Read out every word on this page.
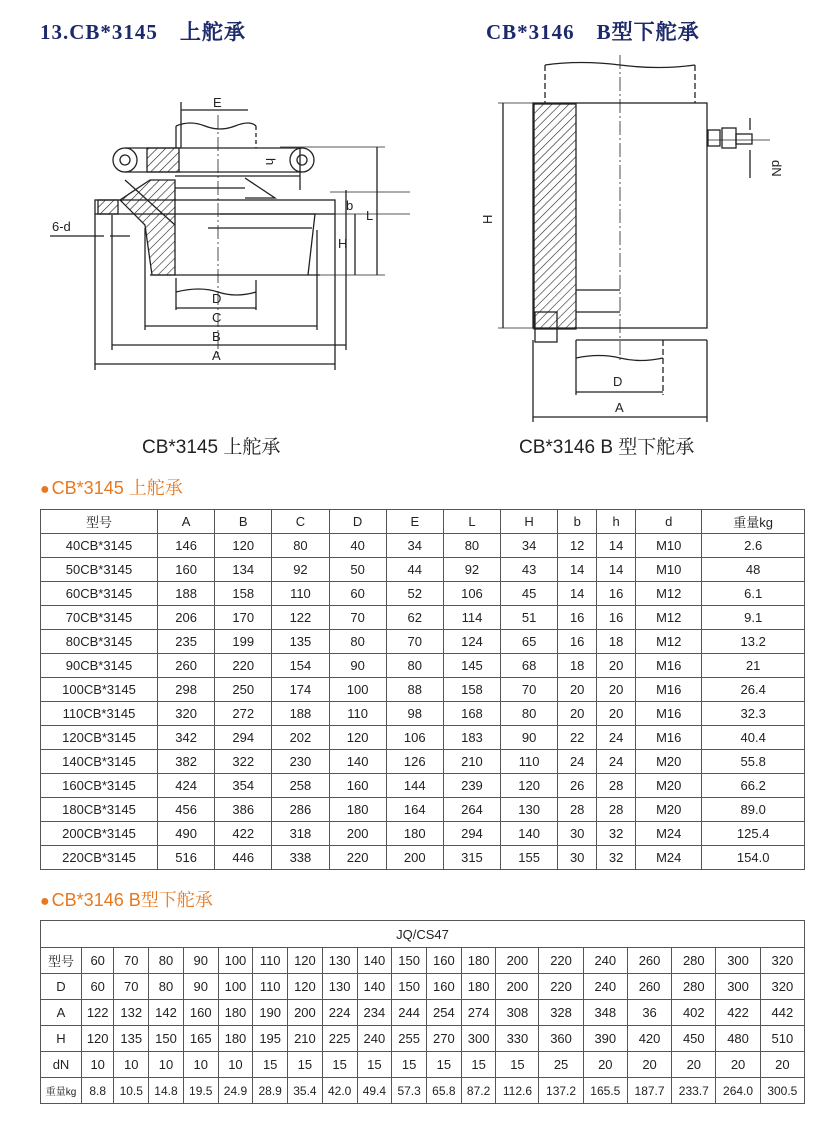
13.CB*3145　上舵承	CB*3146　B型下舵承
E
h
b
H
L
6-d
D
C
B
A
dN
H
D
A
CB*3145 上舵承	CB*3146 B 型下舵承
● CB*3145 上舵承
型号	A	B	C	D	E	L	H	b	h	d	重量kg
40CB*3145	146	120	80	40	34	80	34	12	14	M10	2.6
50CB*3145	160	134	92	50	44	92	43	14	14	M10	48
60CB*3145	188	158	110	60	52	106	45	14	16	M12	6.1
70CB*3145	206	170	122	70	62	114	51	16	16	M12	9.1
80CB*3145	235	199	135	80	70	124	65	16	18	M12	13.2
90CB*3145	260	220	154	90	80	145	68	18	20	M16	21
100CB*3145	298	250	174	100	88	158	70	20	20	M16	26.4
110CB*3145	320	272	188	110	98	168	80	20	20	M16	32.3
120CB*3145	342	294	202	120	106	183	90	22	24	M16	40.4
140CB*3145	382	322	230	140	126	210	110	24	24	M20	55.8
160CB*3145	424	354	258	160	144	239	120	26	28	M20	66.2
180CB*3145	456	386	286	180	164	264	130	28	28	M20	89.0
200CB*3145	490	422	318	200	180	294	140	30	32	M24	125.4
220CB*3145	516	446	338	220	200	315	155	30	32	M24	154.0
● CB*3146 B型下舵承
JQ/CS47																			
型号	60	70	80	90	100	110	120	130	140	150	160	180	200	220	240	260	280	300	320
D	60	70	80	90	100	110	120	130	140	150	160	180	200	220	240	260	280	300	320
A	122	132	142	160	180	190	200	224	234	244	254	274	308	328	348	36	402	422	442
H	120	135	150	165	180	195	210	225	240	255	270	300	330	360	390	420	450	480	510
dN	10	10	10	10	10	15	15	15	15	15	15	15	15	25	20	20	20	20	20
重量kg	8.8	10.5	14.8	19.5	24.9	28.9	35.4	42.0	49.4	57.3	65.8	87.2	112.6	137.2	165.5	187.7	233.7	264.0	300.5
